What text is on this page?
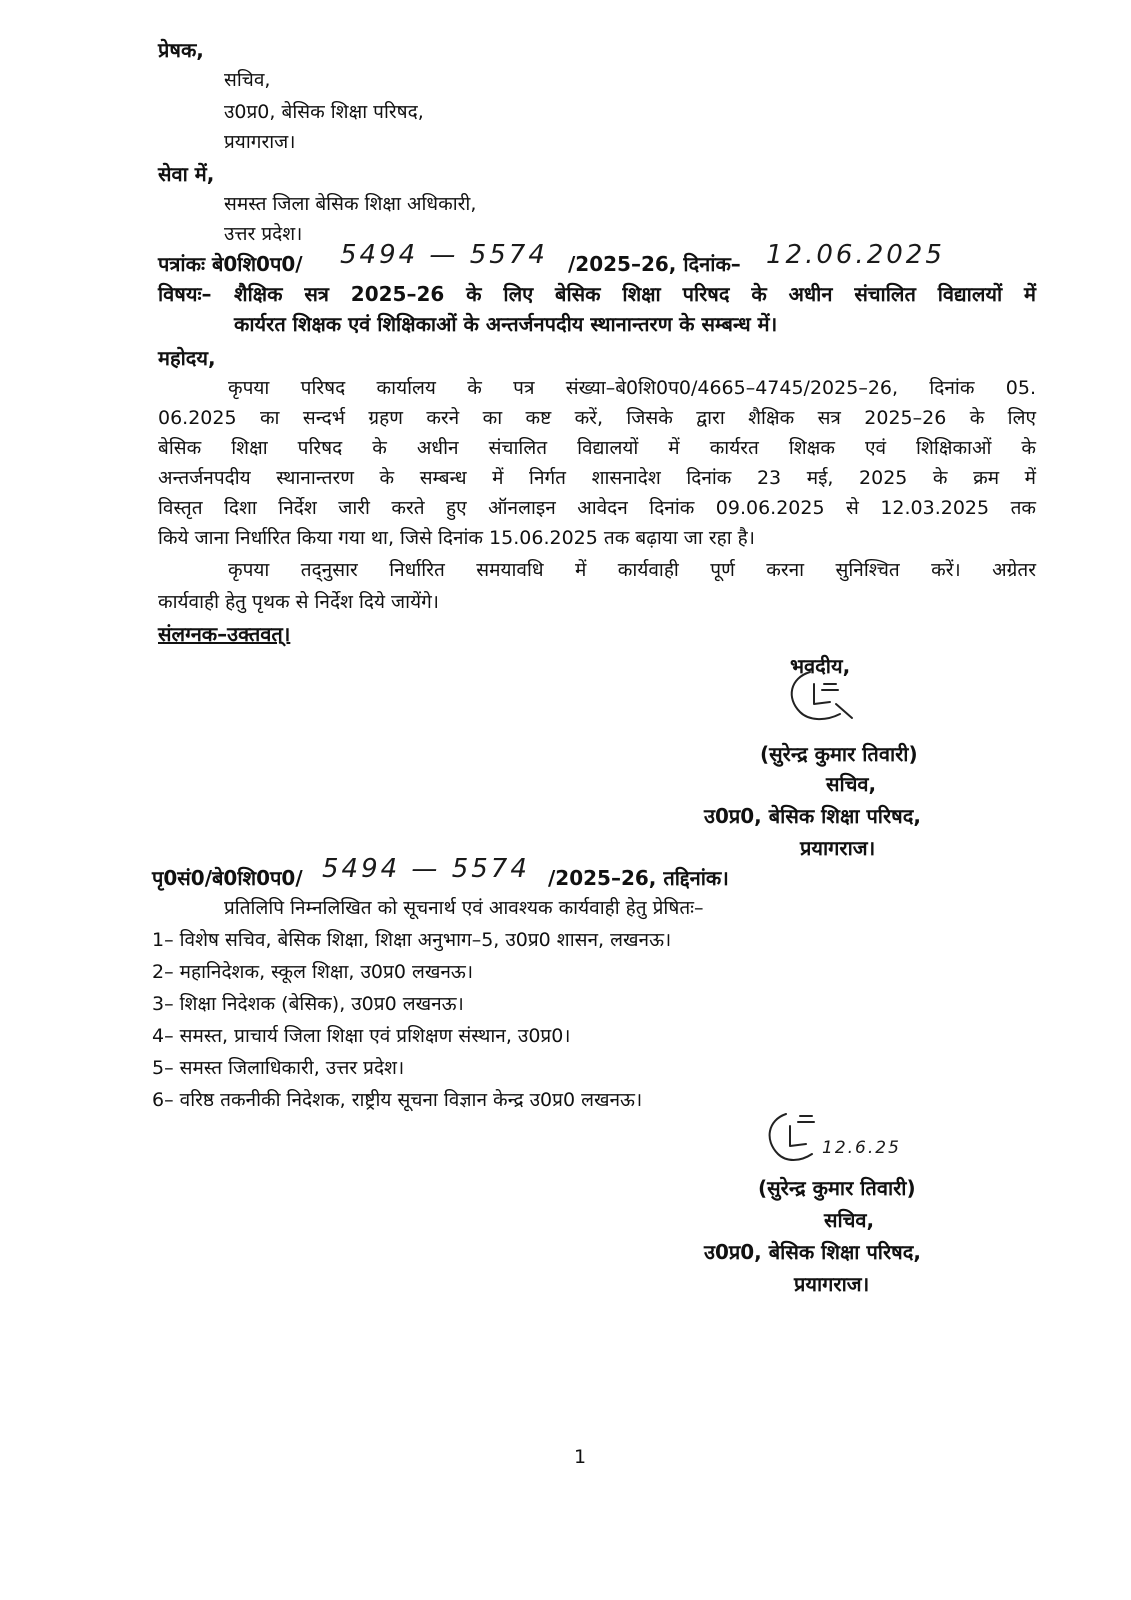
प्रेषक,
सचिव,
उ0प्र0, बेसिक शिक्षा परिषद,
प्रयागराज।
सेवा में,
समस्त जिला बेसिक शिक्षा अधिकारी,
उत्तर प्रदेश।
पत्रांकः बे0शि0प0/ 5494 — 5574 /2025–26, दिनांक– 12.06.2025
विषयः– शैक्षिक सत्र 2025–26 के लिए बेसिक शिक्षा परिषद के अधीन संचालित विद्यालयों में
कार्यरत शिक्षक एवं शिक्षिकाओं के अन्तर्जनपदीय स्थानान्तरण के सम्बन्ध में।
महोदय,
कृपया परिषद कार्यालय के पत्र संख्या–बे0शि0प0/4665–4745/2025–26, दिनांक 05.
06.2025 का सन्दर्भ ग्रहण करने का कष्ट करें, जिसके द्वारा शैक्षिक सत्र 2025–26 के लिए
बेसिक शिक्षा परिषद के अधीन संचालित विद्यालयों में कार्यरत शिक्षक एवं शिक्षिकाओं के
अन्तर्जनपदीय स्थानान्तरण के सम्बन्ध में निर्गत शासनादेश दिनांक 23 मई, 2025 के क्रम में
विस्तृत दिशा निर्देश जारी करते हुए ऑनलाइन आवेदन दिनांक 09.06.2025 से 12.03.2025 तक
किये जाना निर्धारित किया गया था, जिसे दिनांक 15.06.2025 तक बढ़ाया जा रहा है।
कृपया तद्नुसार निर्धारित समयावधि में कार्यवाही पूर्ण करना सुनिश्चित करें। अग्रेतर
कार्यवाही हेतु पृथक से निर्देश दिये जायेंगे।
संलग्नक–उक्तवत्।
भवदीय,
(सुरेन्द्र कुमार तिवारी)
सचिव,
उ0प्र0, बेसिक शिक्षा परिषद,
प्रयागराज।
पृ0सं0/बे0शि0प0/ 5494 — 5574 /2025–26, तद्दिनांक।
प्रतिलिपि निम्नलिखित को सूचनार्थ एवं आवश्यक कार्यवाही हेतु प्रेषितः–
1– विशेष सचिव, बेसिक शिक्षा, शिक्षा अनुभाग–5, उ0प्र0 शासन, लखनऊ।
2– महानिदेशक, स्कूल शिक्षा, उ0प्र0 लखनऊ।
3– शिक्षा निदेशक (बेसिक), उ0प्र0 लखनऊ।
4– समस्त, प्राचार्य जिला शिक्षा एवं प्रशिक्षण संस्थान, उ0प्र0।
5– समस्त जिलाधिकारी, उत्तर प्रदेश।
6– वरिष्ठ तकनीकी निदेशक, राष्ट्रीय सूचना विज्ञान केन्द्र उ0प्र0 लखनऊ।
12.6.25
(सुरेन्द्र कुमार तिवारी)
सचिव,
उ0प्र0, बेसिक शिक्षा परिषद,
प्रयागराज।
1
